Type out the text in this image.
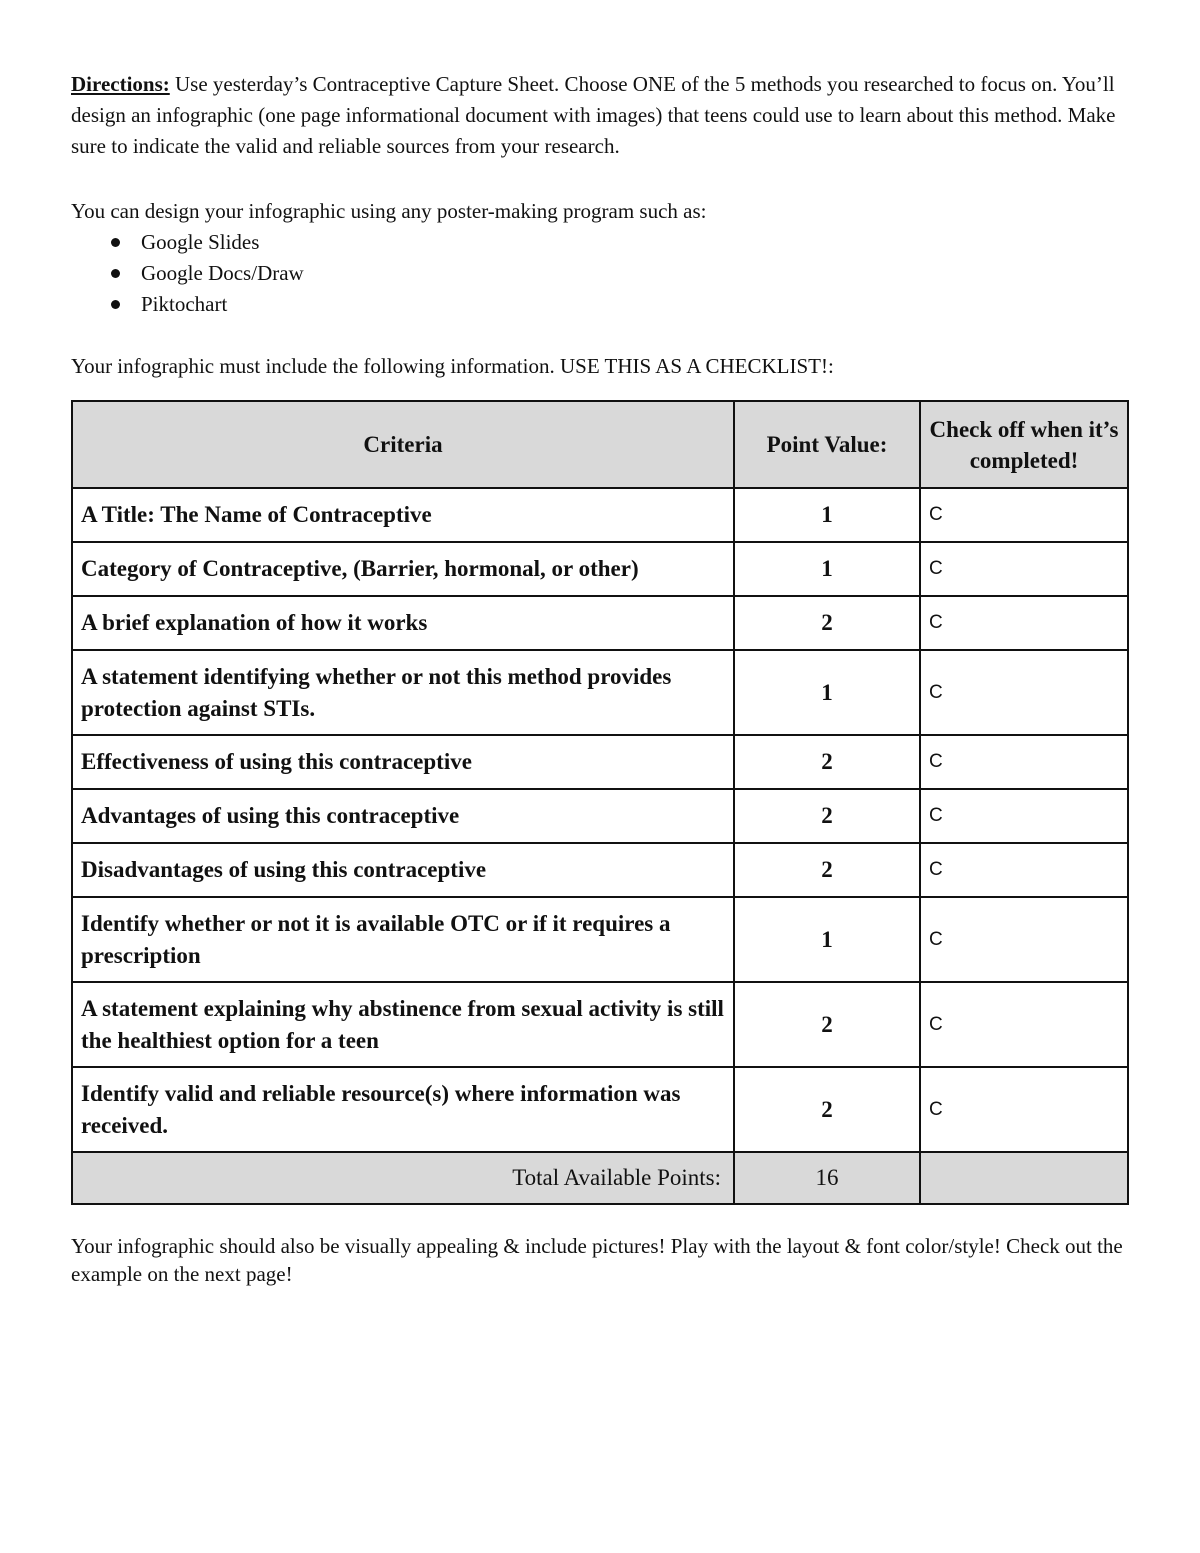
Directions: Use yesterday’s Contraceptive Capture Sheet. Choose ONE of the 5 methods you researched to focus on. You’ll design an infographic (one page informational document with images) that teens could use to learn about this method. Make sure to indicate the valid and reliable sources from your research.

You can design your infographic using any poster-making program such as:

Google Slides
Google Docs/Draw
Piktochart

Your infographic must include the following information. USE THIS AS A CHECKLIST!:

Criteria	Point Value:	Check off when it’s completed!

A Title: The Name of Contraceptive	1	C
Category of Contraceptive, (Barrier, hormonal, or other)	1	C
A brief explanation of how it works	2	C
A statement identifying whether or not this method provides protection against STIs.	1	C
Effectiveness of using this contraceptive	2	C
Advantages of using this contraceptive	2	C
Disadvantages of using this contraceptive	2	C
Identify whether or not it is available OTC or if it requires a prescription	1	C
A statement explaining why abstinence from sexual activity is still the healthiest option for a teen	2	C
Identify valid and reliable resource(s) where information was received.	2	C
Total Available Points:	16	

Your infographic should also be visually appealing & include pictures! Play with the layout & font color/style! Check out the example on the next page!
